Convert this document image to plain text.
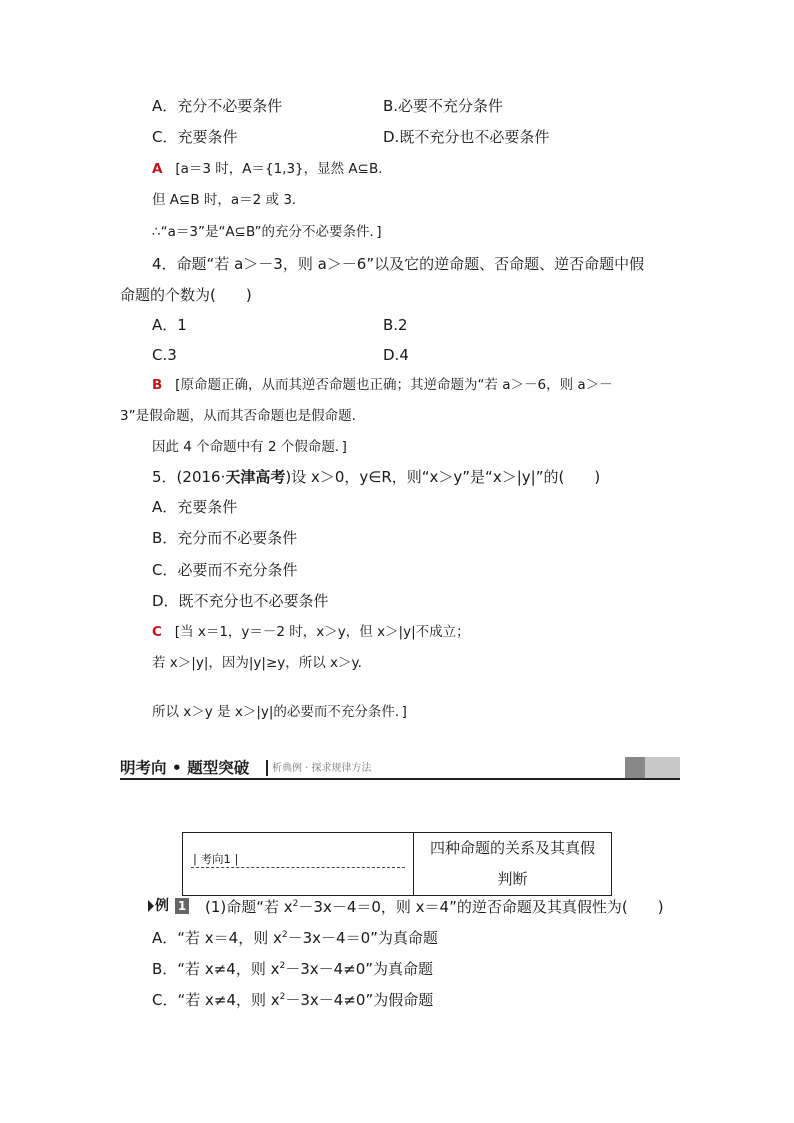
A．充分不必要条件	B.必要不充分条件
C．充要条件	D.既不充分也不必要条件
A [a＝3 时，A＝{1,3}，显然 A⊆B.
但 A⊆B 时，a＝2 或 3.
∴“a＝3”是“A⊆B”的充分不必要条件．]
4．命题“若 a＞－3，则 a＞－6”以及它的逆命题、否命题、逆否命题中假
命题的个数为(　　)
A．1	B.2
C.3	D.4
B [原命题正确，从而其逆否命题也正确；其逆命题为“若 a＞－6，则 a＞－
3”是假命题，从而其否命题也是假命题．
因此 4 个命题中有 2 个假命题．]
5．(2016·天津高考)设 x＞0，y∈R，则“x＞y”是“x＞|y|”的(　　)
A．充要条件
B．充分而不必要条件
C．必要而不充分条件
D．既不充分也不必要条件
C [当 x＝1，y＝－2 时，x＞y，但 x＞|y|不成立；
若 x＞|y|，因为|y|≥y，所以 x＞y.
所以 x＞y 是 x＞|y|的必要而不充分条件．]
明考向 • 题型突破 析典例 · 探求规律方法
| 考向1 |
四种命题的关系及其真假
判断
例 1 (1)命题“若 $x^2-3x-4=0$，则 x＝4”的逆否命题及其真假性为(　　)
A．“若 x＝4，则 $x^2-3x-4=0$”为真命题
B．“若 x≠4，则 $x^2-3x-4\ne 0$”为真命题
C．“若 x≠4，则 $x^2-3x-4\ne 0$”为假命题
